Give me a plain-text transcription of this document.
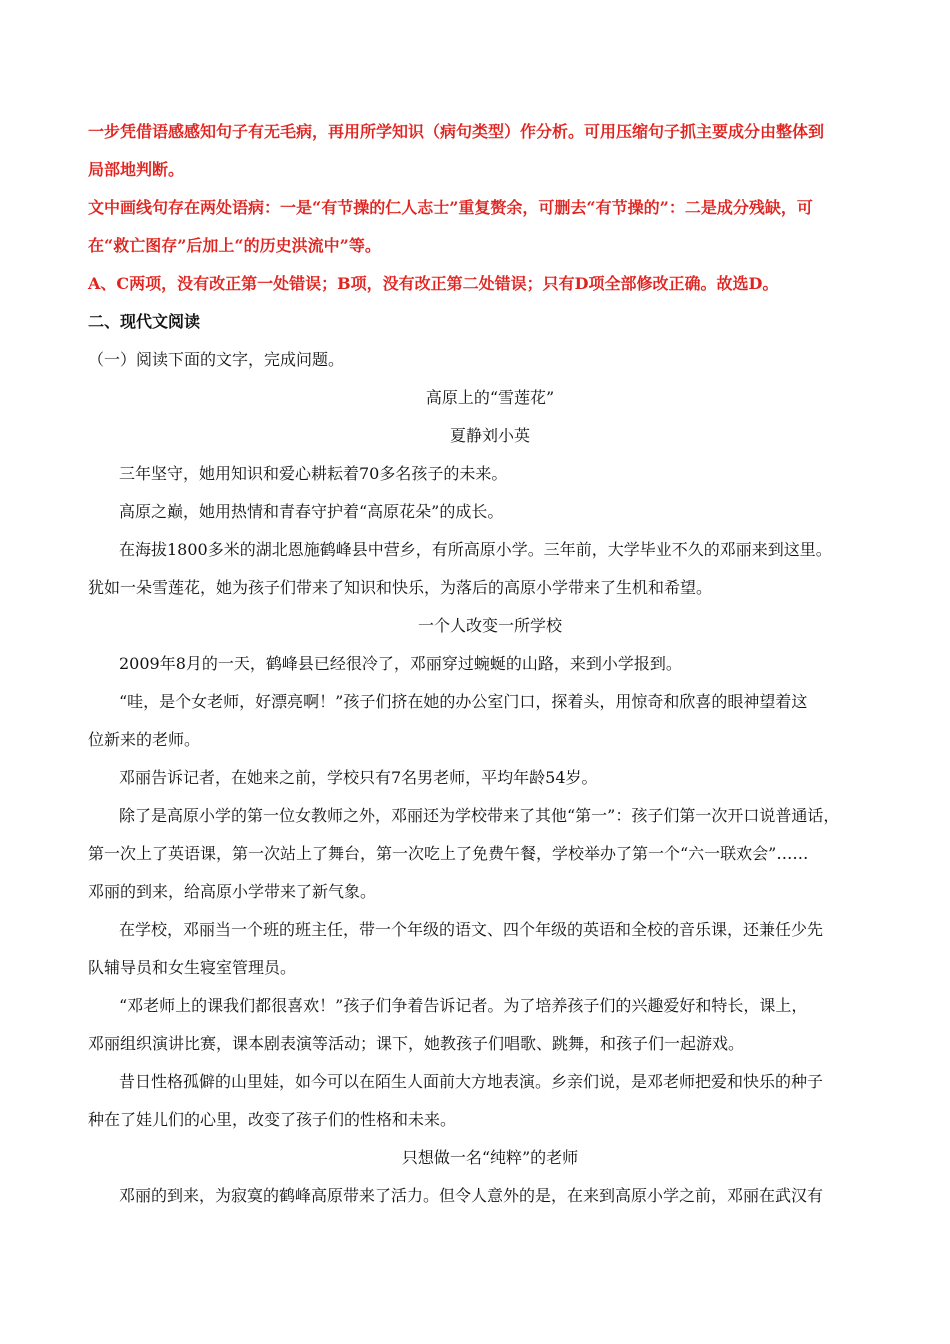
一步凭借语感感知句子有无毛病，再用所学知识（病句类型）作分析。可用压缩句子抓主要成分由整体到
局部地判断。
文中画线句存在两处语病：一是“有节操的仁人志士”重复赘余，可删去“有节操的”：二是成分残缺，可
在“救亡图存”后加上“的历史洪流中”等。
A、C两项，没有改正第一处错误；B项，没有改正第二处错误；只有D项全部修改正确。故选D。
二、现代文阅读
（一）阅读下面的文字，完成问题。
高原上的“雪莲花”
夏静刘小英
三年坚守，她用知识和爱心耕耘着70多名孩子的未来。
高原之巅，她用热情和青春守护着“高原花朵”的成长。
在海拔1800多米的湖北恩施鹤峰县中营乡，有所高原小学。三年前，大学毕业不久的邓丽来到这里。
犹如一朵雪莲花，她为孩子们带来了知识和快乐，为落后的高原小学带来了生机和希望。
一个人改变一所学校
2009年8月的一天，鹤峰县已经很冷了，邓丽穿过蜿蜒的山路，来到小学报到。
“哇，是个女老师，好漂亮啊！”孩子们挤在她的办公室门口，探着头，用惊奇和欣喜的眼神望着这
位新来的老师。
邓丽告诉记者，在她来之前，学校只有7名男老师，平均年龄54岁。
除了是高原小学的第一位女教师之外，邓丽还为学校带来了其他“第一”：孩子们第一次开口说普通话，
第一次上了英语课，第一次站上了舞台，第一次吃上了免费午餐，学校举办了第一个“六一联欢会”……
邓丽的到来，给高原小学带来了新气象。
在学校，邓丽当一个班的班主任，带一个年级的语文、四个年级的英语和全校的音乐课，还兼任少先
队辅导员和女生寝室管理员。
“邓老师上的课我们都很喜欢！”孩子们争着告诉记者。为了培养孩子们的兴趣爱好和特长，课上，
邓丽组织演讲比赛，课本剧表演等活动；课下，她教孩子们唱歌、跳舞，和孩子们一起游戏。
昔日性格孤僻的山里娃，如今可以在陌生人面前大方地表演。乡亲们说，是邓老师把爱和快乐的种子
种在了娃儿们的心里，改变了孩子们的性格和未来。
只想做一名“纯粹”的老师
邓丽的到来，为寂寞的鹤峰高原带来了活力。但令人意外的是，在来到高原小学之前，邓丽在武汉有
